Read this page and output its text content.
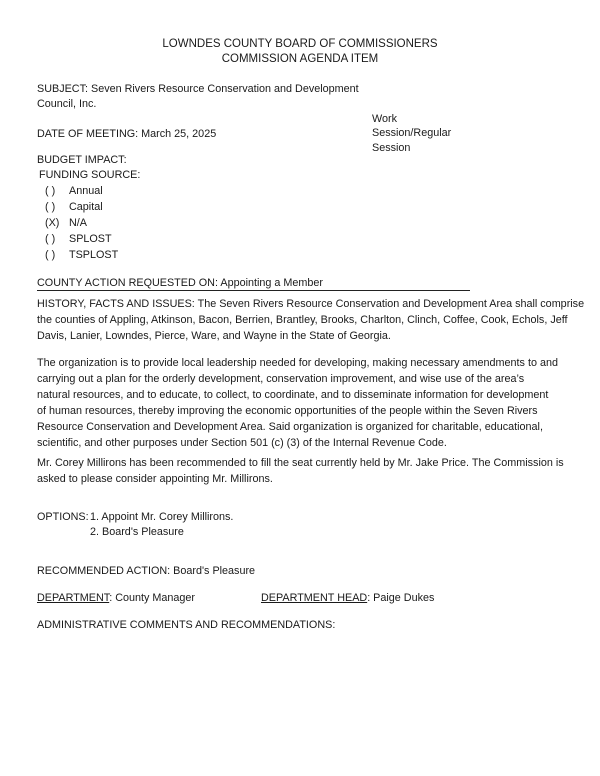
LOWNDES COUNTY BOARD OF COMMISSIONERS
COMMISSION AGENDA ITEM
SUBJECT: Seven Rivers Resource Conservation and Development
Council, Inc.
Work
Session/Regular
Session
DATE OF MEETING: March 25, 2025
BUDGET IMPACT:
FUNDING SOURCE:
( ) Annual
( ) Capital
(X) N/A
( ) SPLOST
( ) TSPLOST
COUNTY ACTION REQUESTED ON: Appointing a Member
HISTORY, FACTS AND ISSUES: The Seven Rivers Resource Conservation and Development Area shall comprise
the counties of Appling, Atkinson, Bacon, Berrien, Brantley, Brooks, Charlton, Clinch, Coffee, Cook, Echols, Jeff
Davis, Lanier, Lowndes, Pierce, Ware, and Wayne in the State of Georgia.
The organization is to provide local leadership needed for developing, making necessary amendments to and
carrying out a plan for the orderly development, conservation improvement, and wise use of the area’s
natural resources, and to educate, to collect, to coordinate, and to disseminate information for development
of human resources, thereby improving the economic opportunities of the people within the Seven Rivers
Resource Conservation and Development Area. Said organization is organized for charitable, educational,
scientific, and other purposes under Section 501 (c) (3) of the Internal Revenue Code.
Mr. Corey Millirons has been recommended to fill the seat currently held by Mr. Jake Price. The Commission is
asked to please consider appointing Mr. Millirons.
OPTIONS: 1. Appoint Mr. Corey Millirons.
2. Board's Pleasure
RECOMMENDED ACTION: Board's Pleasure
DEPARTMENT: County Manager	DEPARTMENT HEAD: Paige Dukes
ADMINISTRATIVE COMMENTS AND RECOMMENDATIONS:
